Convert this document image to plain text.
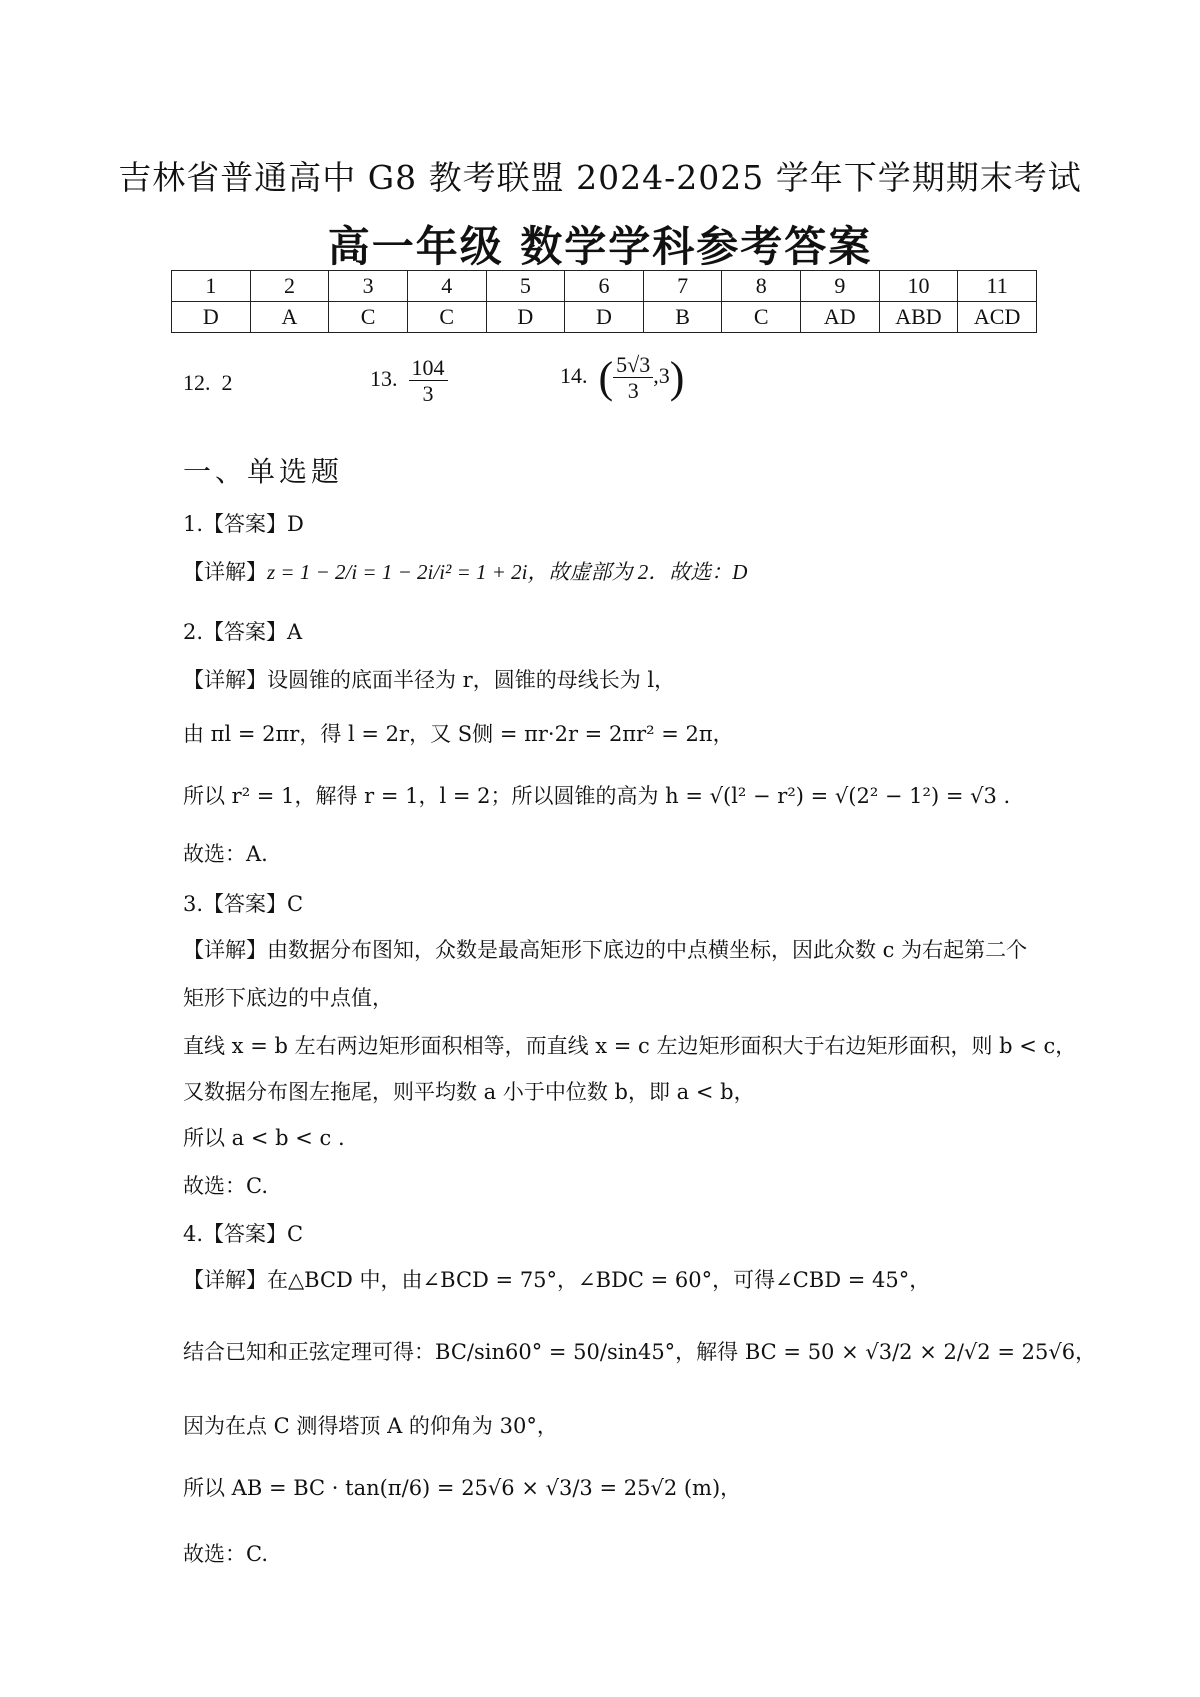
吉林省普通高中 G8 教考联盟 2024-2025 学年下学期期末考试
高一年级 数学学科参考答案
1	2	3	4	5	6	7	8	9	10	11
D	A	C	C	D	D	B	C	AD	ABD	ACD
12. 2	13. $\frac{104}{3}$	14. ( $\frac{5√3}{3} ,3$)
一、单选题
1.【答案】D
【详解】z = 1 − 2/i = 1 − 2i/i² = 1 + 2i，故虚部为 2．故选：D
2.【答案】A
【详解】设圆锥的底面半径为 r，圆锥的母线长为 l，
由 πl = 2πr，得 l = 2r，又 S侧 = πr·2r = 2πr² = 2π，
所以 r² = 1，解得 r = 1，l = 2；所以圆锥的高为 h = √(l² − r²) = √(2² − 1²) = √3 .
故选：A.
3.【答案】C
【详解】由数据分布图知，众数是最高矩形下底边的中点横坐标，因此众数 c 为右起第二个
矩形下底边的中点值，
直线 x = b 左右两边矩形面积相等，而直线 x = c 左边矩形面积大于右边矩形面积，则 b < c，
又数据分布图左拖尾，则平均数 a 小于中位数 b，即 a < b，
所以 a < b < c .
故选：C.
4.【答案】C
【详解】在△BCD 中，由∠BCD = 75°，∠BDC = 60°，可得∠CBD = 45°，
结合已知和正弦定理可得：BC/sin60° = 50/sin45°，解得 BC = 50 × √3/2 × 2/√2 = 25√6，
因为在点 C 测得塔顶 A 的仰角为 30°，
所以 AB = BC · tan(π/6) = 25√6 × √3/3 = 25√2 (m)，
故选：C.
